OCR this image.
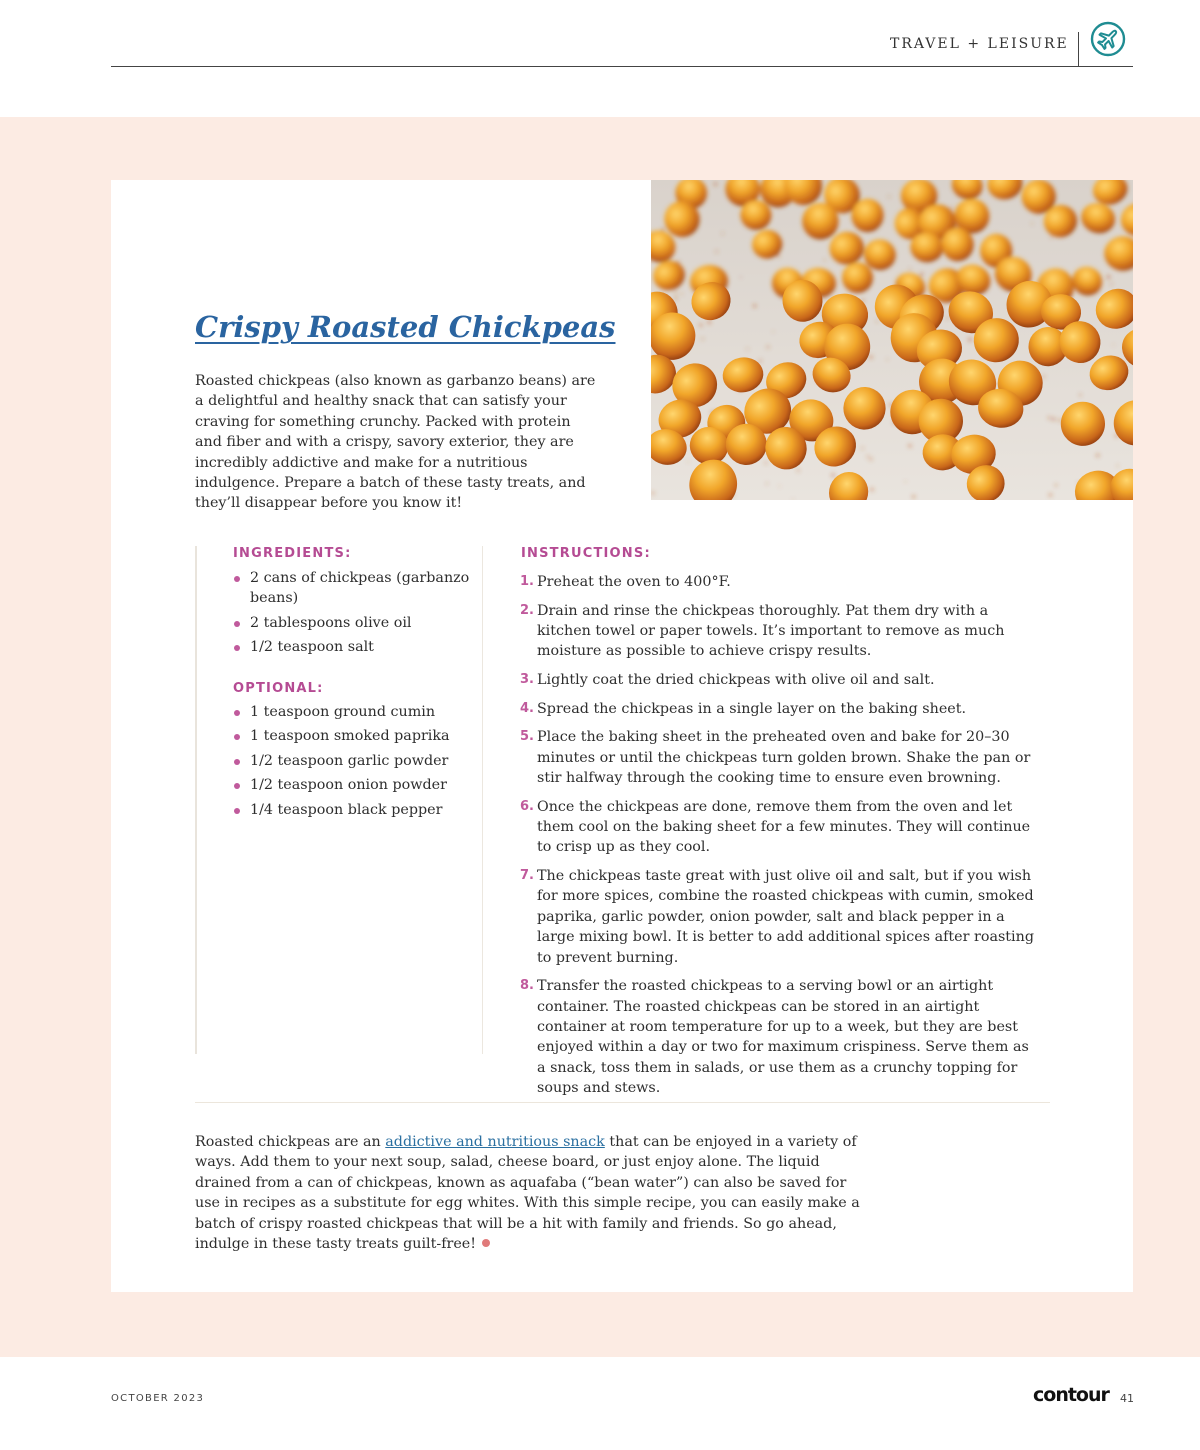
TRAVEL + LEISURE
Crispy Roasted Chickpeas

Roasted chickpeas (also known as garbanzo beans) are a delightful and healthy snack that can satisfy your craving for something crunchy. Packed with protein and fiber and with a crispy, savory exterior, they are incredibly addictive and make for a nutritious indulgence. Prepare a batch of these tasty treats, and they’ll disappear before you know it!

INGREDIENTS:
2 cans of chickpeas (garbanzo beans)
2 tablespoons olive oil
1/2 teaspoon salt
OPTIONAL:
1 teaspoon ground cumin
1 teaspoon smoked paprika
1/2 teaspoon garlic powder
1/2 teaspoon onion powder
1/4 teaspoon black pepper
INSTRUCTIONS:
1. Preheat the oven to 400°F.
2. Drain and rinse the chickpeas thoroughly. Pat them dry with a kitchen towel or paper towels. It’s important to remove as much moisture as possible to achieve crispy results.
3. Lightly coat the dried chickpeas with olive oil and salt.
4. Spread the chickpeas in a single layer on the baking sheet.
5. Place the baking sheet in the preheated oven and bake for 20–30 minutes or until the chickpeas turn golden brown. Shake the pan or stir halfway through the cooking time to ensure even browning.
6. Once the chickpeas are done, remove them from the oven and let them cool on the baking sheet for a few minutes. They will continue to crisp up as they cool.
7. The chickpeas taste great with just olive oil and salt, but if you wish for more spices, combine the roasted chickpeas with cumin, smoked paprika, garlic powder, onion powder, salt and black pepper in a large mixing bowl. It is better to add additional spices after roasting to prevent burning.
8. Transfer the roasted chickpeas to a serving bowl or an airtight container. The roasted chickpeas can be stored in an airtight container at room temperature for up to a week, but they are best enjoyed within a day or two for maximum crispiness. Serve them as a snack, toss them in salads, or use them as a crunchy topping for soups and stews.

Roasted chickpeas are an addictive and nutritious snack that can be enjoyed in a variety of ways. Add them to your next soup, salad, cheese board, or just enjoy alone. The liquid drained from a can of chickpeas, known as aquafaba (“bean water”) can also be saved for use in recipes as a substitute for egg whites. With this simple recipe, you can easily make a batch of crispy roasted chickpeas that will be a hit with family and friends. So go ahead, indulge in these tasty treats guilt-free!

OCTOBER 2023	contour 41
